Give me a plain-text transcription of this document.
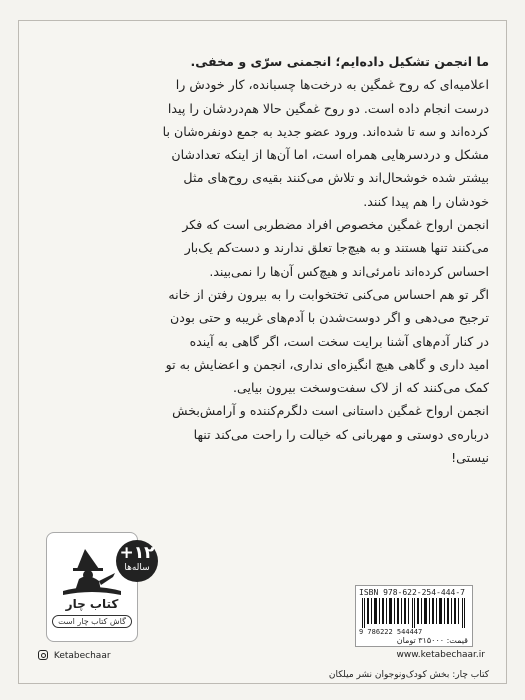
ما انجمن تشکیل داده‌ایم؛ انجمنی سرّی و مخفی.

اعلامیه‌ای که روح غمگین به درخت‌ها چسبانده، کار خودش را

درست انجام داده است. دو روح غمگین حالا هم‌دردشان را پیدا

کرده‌اند و سه تا شده‌اند. ورود عضو جدید به جمع دونفره‌شان با

مشکل و دردسرهایی همراه است، اما آن‌ها از اینکه تعدادشان

بیشتر شده خوشحال‌اند و تلاش می‌کنند بقیه‌ی روح‌های مثل

خودشان را هم پیدا کنند.

انجمن ارواح غمگین مخصوص افراد مضطربی است که فکر

می‌کنند تنها هستند و به هیچ‌جا تعلق ندارند و دست‌کم یک‌بار

احساس کرده‌اند نامرئی‌اند و هیچ‌کس آن‌ها را نمی‌بیند.

اگر تو هم احساس می‌کنی تختخوابت را به بیرون رفتن از خانه

ترجیح می‌دهی و اگر دوست‌شدن با آدم‌های غریبه و حتی بودن

در کنار آدم‌های آشنا برایت سخت است، اگر گاهی به آینده

امید داری و گاهی هیچ انگیزه‌ای نداری، انجمن و اعضایش به تو

کمک می‌کنند که از لاک سفت‌وسخت بیرون بیایی.

انجمن ارواح غمگین داستانی است دلگرم‌کننده و آرامش‌بخش

درباره‌ی دوستی و مهربانی که خیالت را راحت می‌کند تنها

نیستی!

کتاب چار
گاش کتاب چار است
+۱۲
ساله‌ها
ISBN 978-622-254-444-7
9 786222 544447
قیمت: ۳۱۵۰۰۰ تومان
Ketabechaar	www.ketabechaar.ir
کتاب چار: بخش کودک‌ونوجوان نشر میلکان
